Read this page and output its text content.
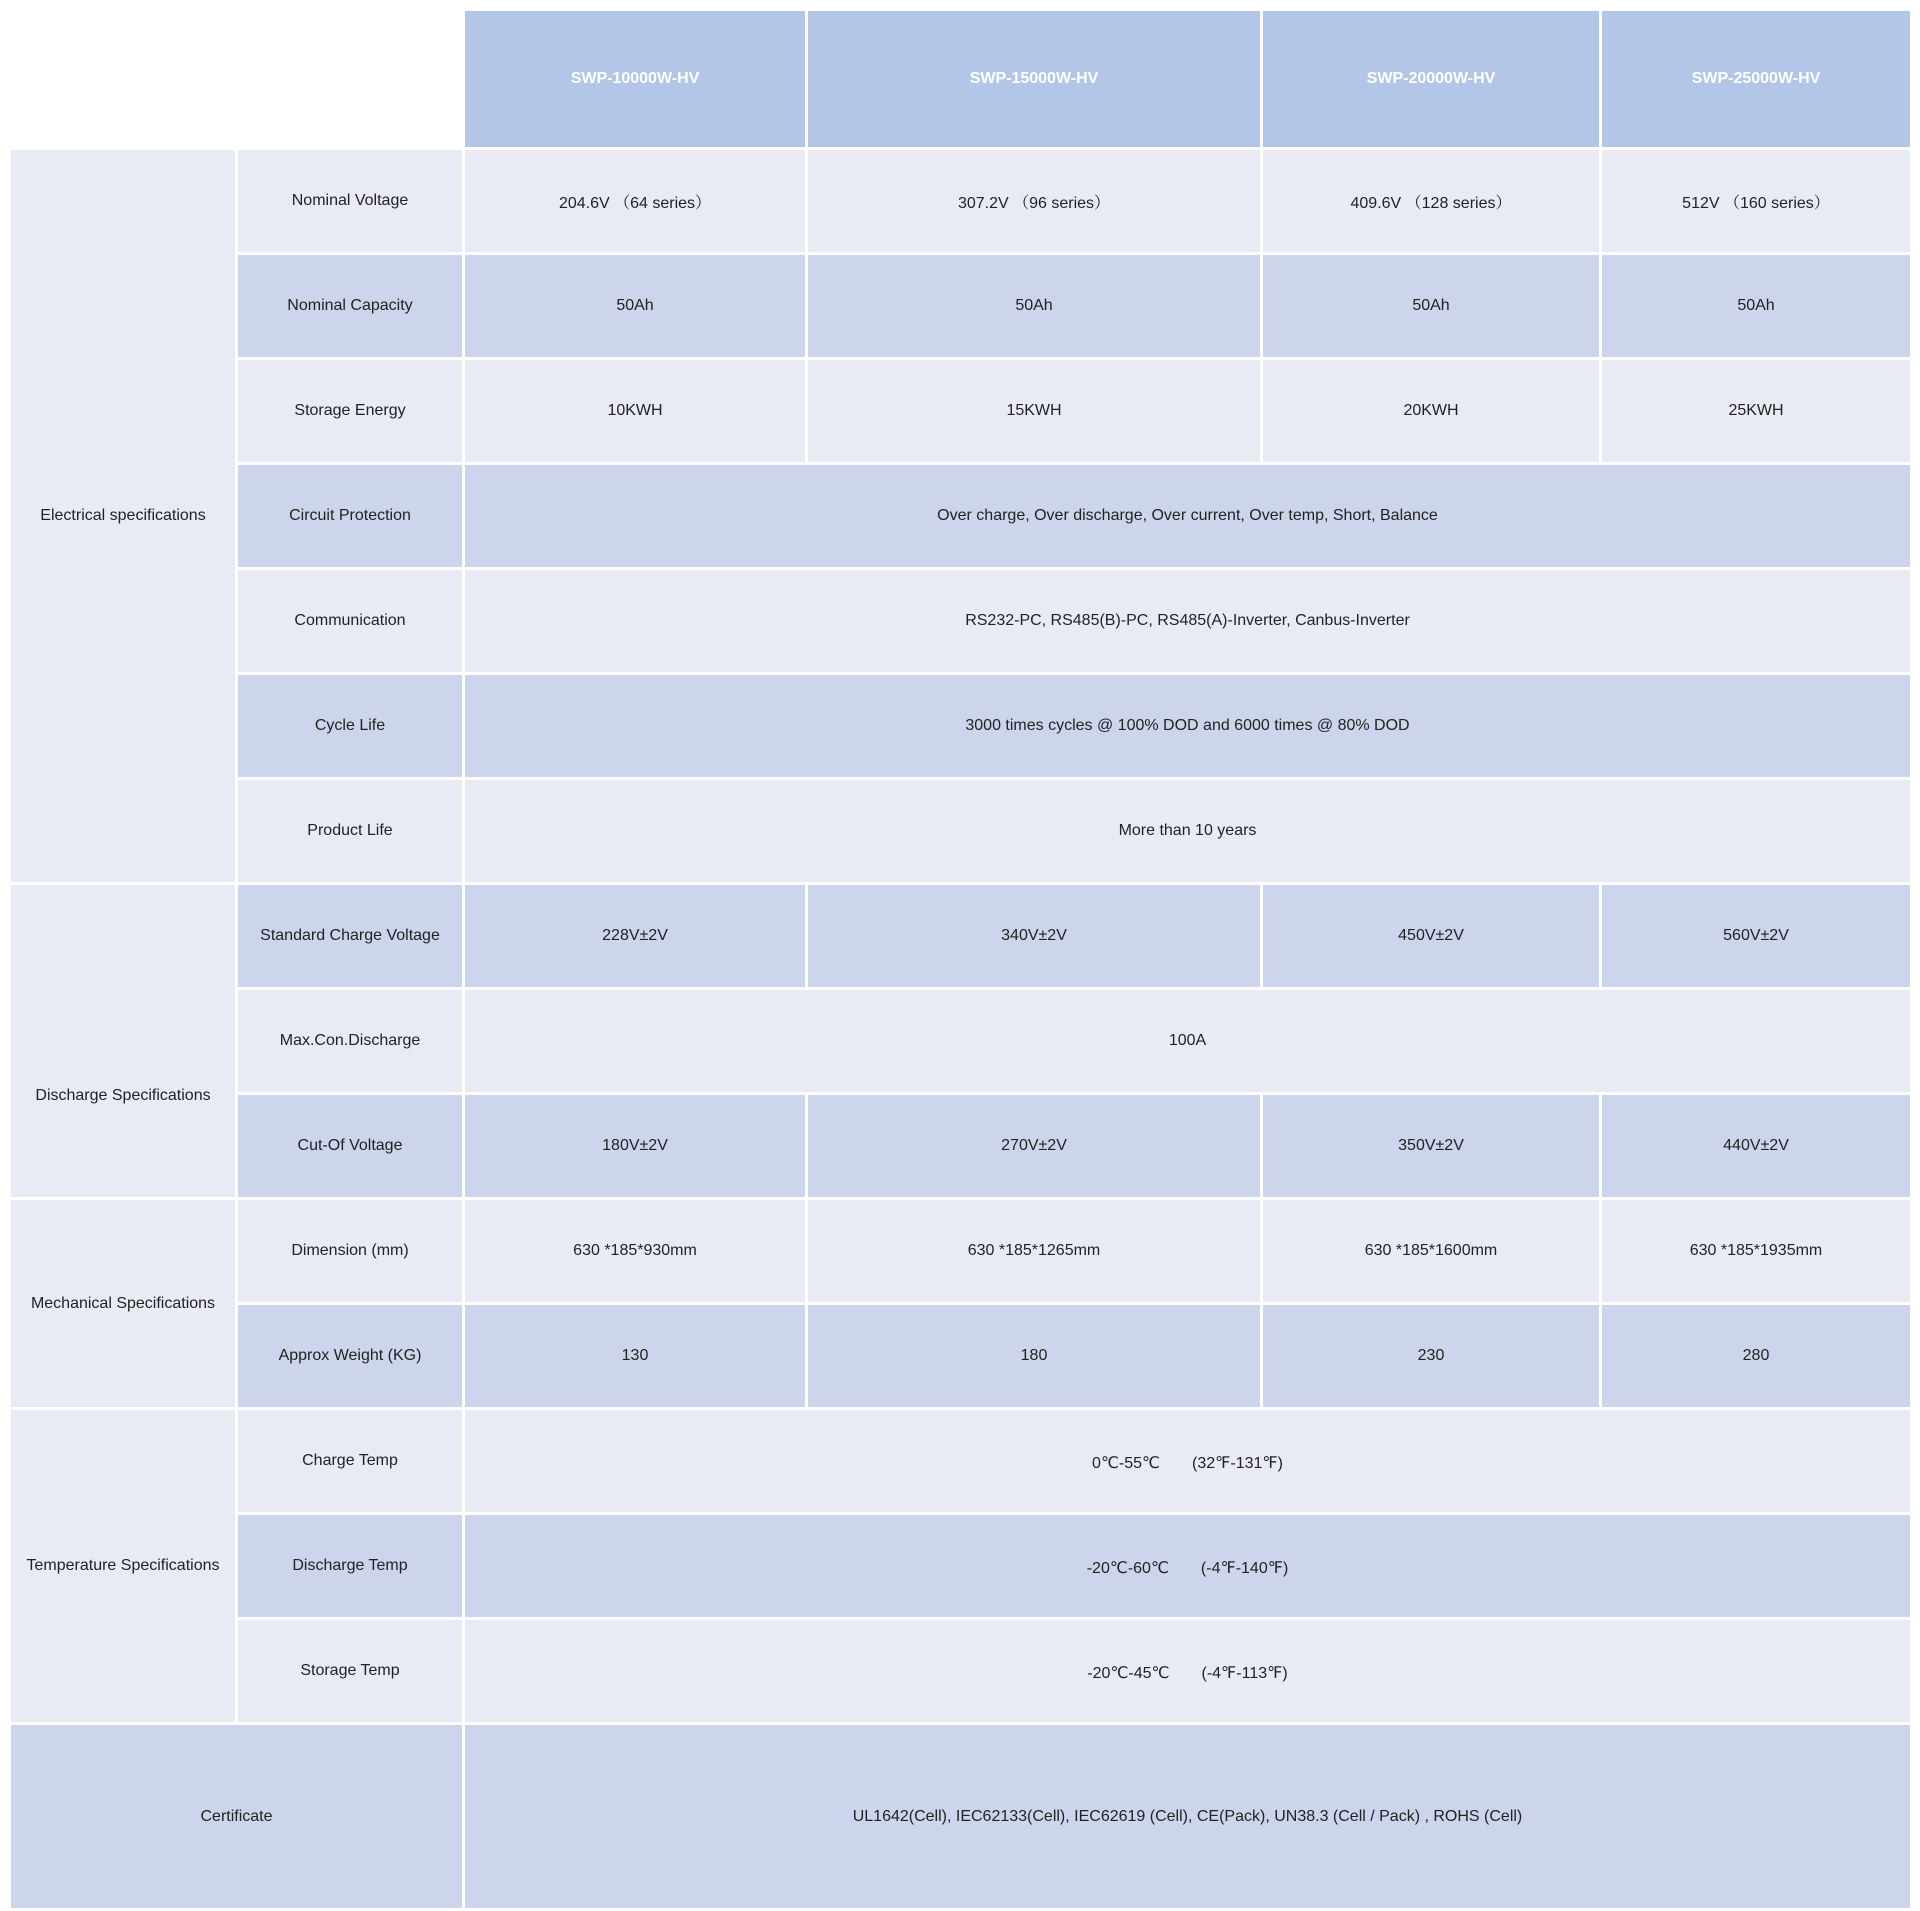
		SWP-10000W-HV	SWP-15000W-HV	SWP-20000W-HV	SWP-25000W-HV
Electrical specifications	Nominal Voltage	204.6V （64 series）	307.2V （96 series）	409.6V （128 series）	512V （160 series）
	Nominal Capacity	50Ah	50Ah	50Ah	50Ah
	Storage Energy	10KWH	15KWH	20KWH	25KWH
	Circuit Protection	Over charge, Over discharge, Over current, Over temp, Short, Balance			
	Communication	RS232-PC, RS485(B)-PC, RS485(A)-Inverter, Canbus-Inverter			
	Cycle Life	3000 times cycles @ 100% DOD and 6000 times @ 80% DOD			
	Product Life	More than 10 years			
Discharge Specifications	Standard Charge Voltage	228V±2V	340V±2V	450V±2V	560V±2V
	Max.Con.Discharge	100A			
	Cut-Of Voltage	180V±2V	270V±2V	350V±2V	440V±2V
Mechanical Specifications	Dimension (mm)	630 *185*930mm	630 *185*1265mm	630 *185*1600mm	630 *185*1935mm
	Approx Weight (KG)	130	180	230	280
Temperature Specifications	Charge Temp	0℃-55℃　　(32℉-131℉)			
	Discharge Temp	-20℃-60℃　　(-4℉-140℉)			
	Storage Temp	-20℃-45℃　　(-4℉-113℉)			
Certificate		UL1642(Cell), IEC62133(Cell), IEC62619 (Cell), CE(Pack), UN38.3 (Cell / Pack) , ROHS (Cell)			
